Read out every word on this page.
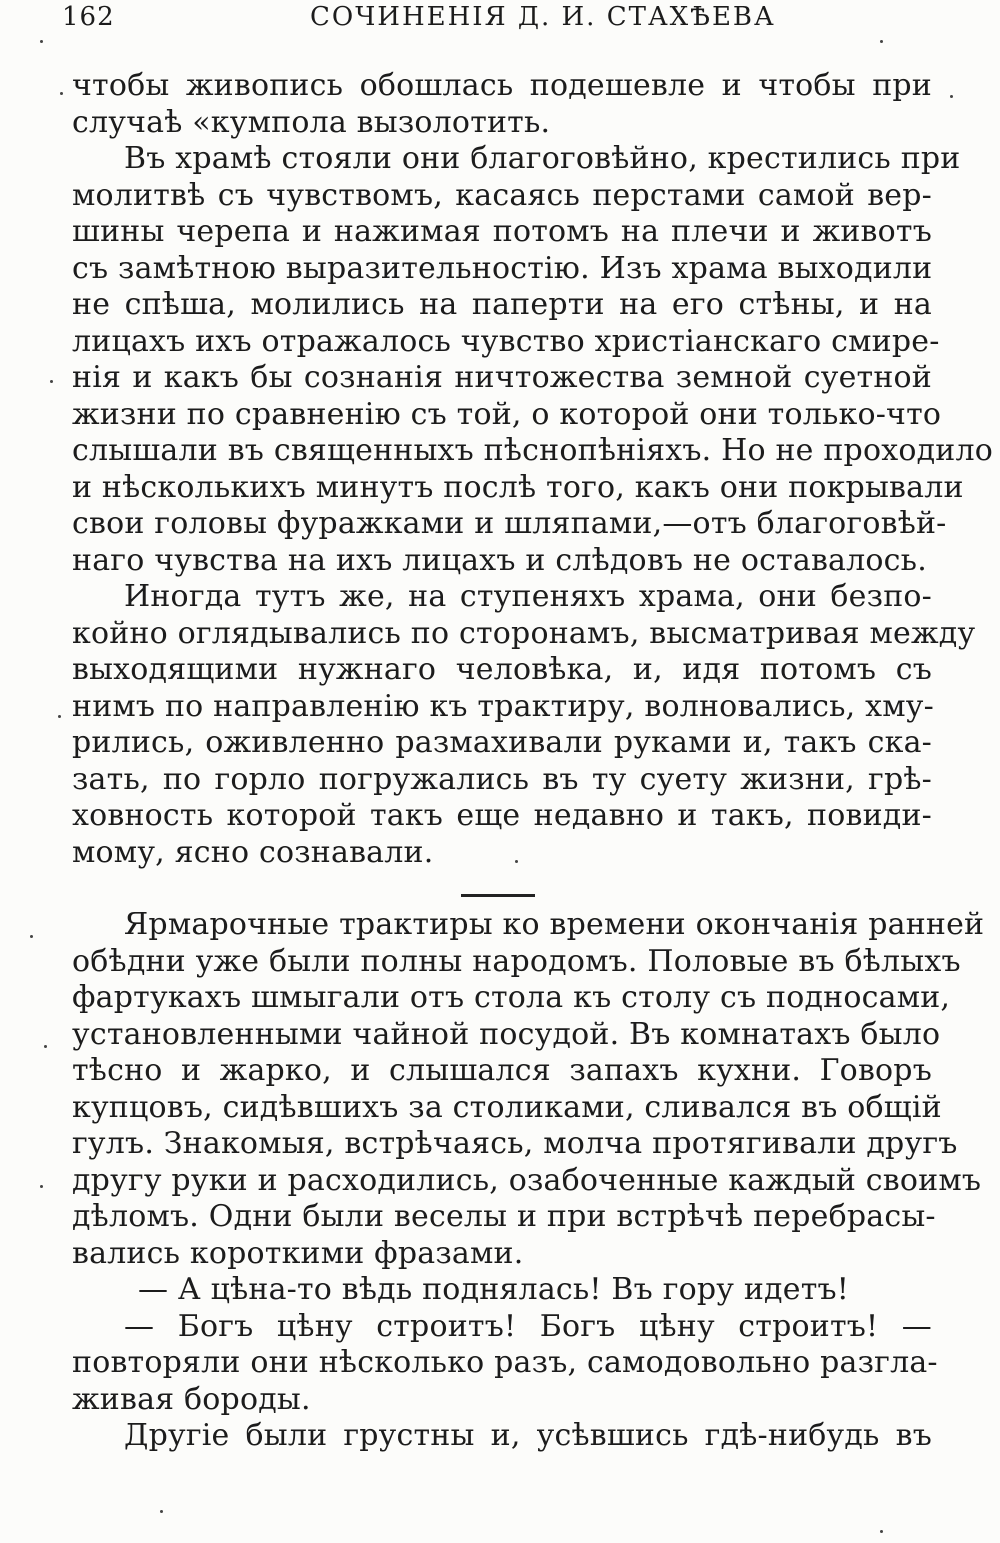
162	СОЧИНЕНІЯ Д. И. СТАХѢЕВА
чтобы живопись обошлась подешевле и чтобы при
случаѣ «кумпола вызолотить.
Въ храмѣ стояли они благоговѣйно, крестились при
молитвѣ съ чувствомъ, касаясь перстами самой вер-
шины черепа и нажимая потомъ на плечи и животъ
съ замѣтною выразительностію. Изъ храма выходили
не спѣша, молились на паперти на его стѣны, и на
лицахъ ихъ отражалось чувство христіанскаго смире-
нія и какъ бы сознанія ничтожества земной суетной
жизни по сравненію съ той, о которой они только-что
слышали въ священныхъ пѣснопѣніяхъ. Но не проходило
и нѣсколькихъ минутъ послѣ того, какъ они покрывали
свои головы фуражками и шляпами,—отъ благоговѣй-
наго чувства на ихъ лицахъ и слѣдовъ не оставалось.
Иногда тутъ же, на ступеняхъ храма, они безпо-
койно оглядывались по сторонамъ, высматривая между
выходящими нужнаго человѣка, и, идя потомъ съ
нимъ по направленію къ трактиру, волновались, хму-
рились, оживленно размахивали руками и, такъ ска-
зать, по горло погружались въ ту суету жизни, грѣ-
ховность которой такъ еще недавно и такъ, повиди-
мому, ясно сознавали.
Ярмарочные трактиры ко времени окончанія ранней
обѣдни уже были полны народомъ. Половые въ бѣлыхъ
фартукахъ шмыгали отъ стола къ столу съ подносами,
установленными чайной посудой. Въ комнатахъ было
тѣсно и жарко, и слышался запахъ кухни. Говоръ
купцовъ, сидѣвшихъ за столиками, сливался въ общій
гулъ. Знакомыя, встрѣчаясь, молча протягивали другъ
другу руки и расходились, озабоченные каждый своимъ
дѣломъ. Одни были веселы и при встрѣчѣ перебрасы-
вались короткими фразами.
— А цѣна-то вѣдь поднялась! Въ гору идетъ!
— Богъ цѣну строитъ! Богъ цѣну строитъ! —
повторяли они нѣсколько разъ, самодовольно разгла-
живая бороды.
Другіе были грустны и, усѣвшись гдѣ-нибудь въ
